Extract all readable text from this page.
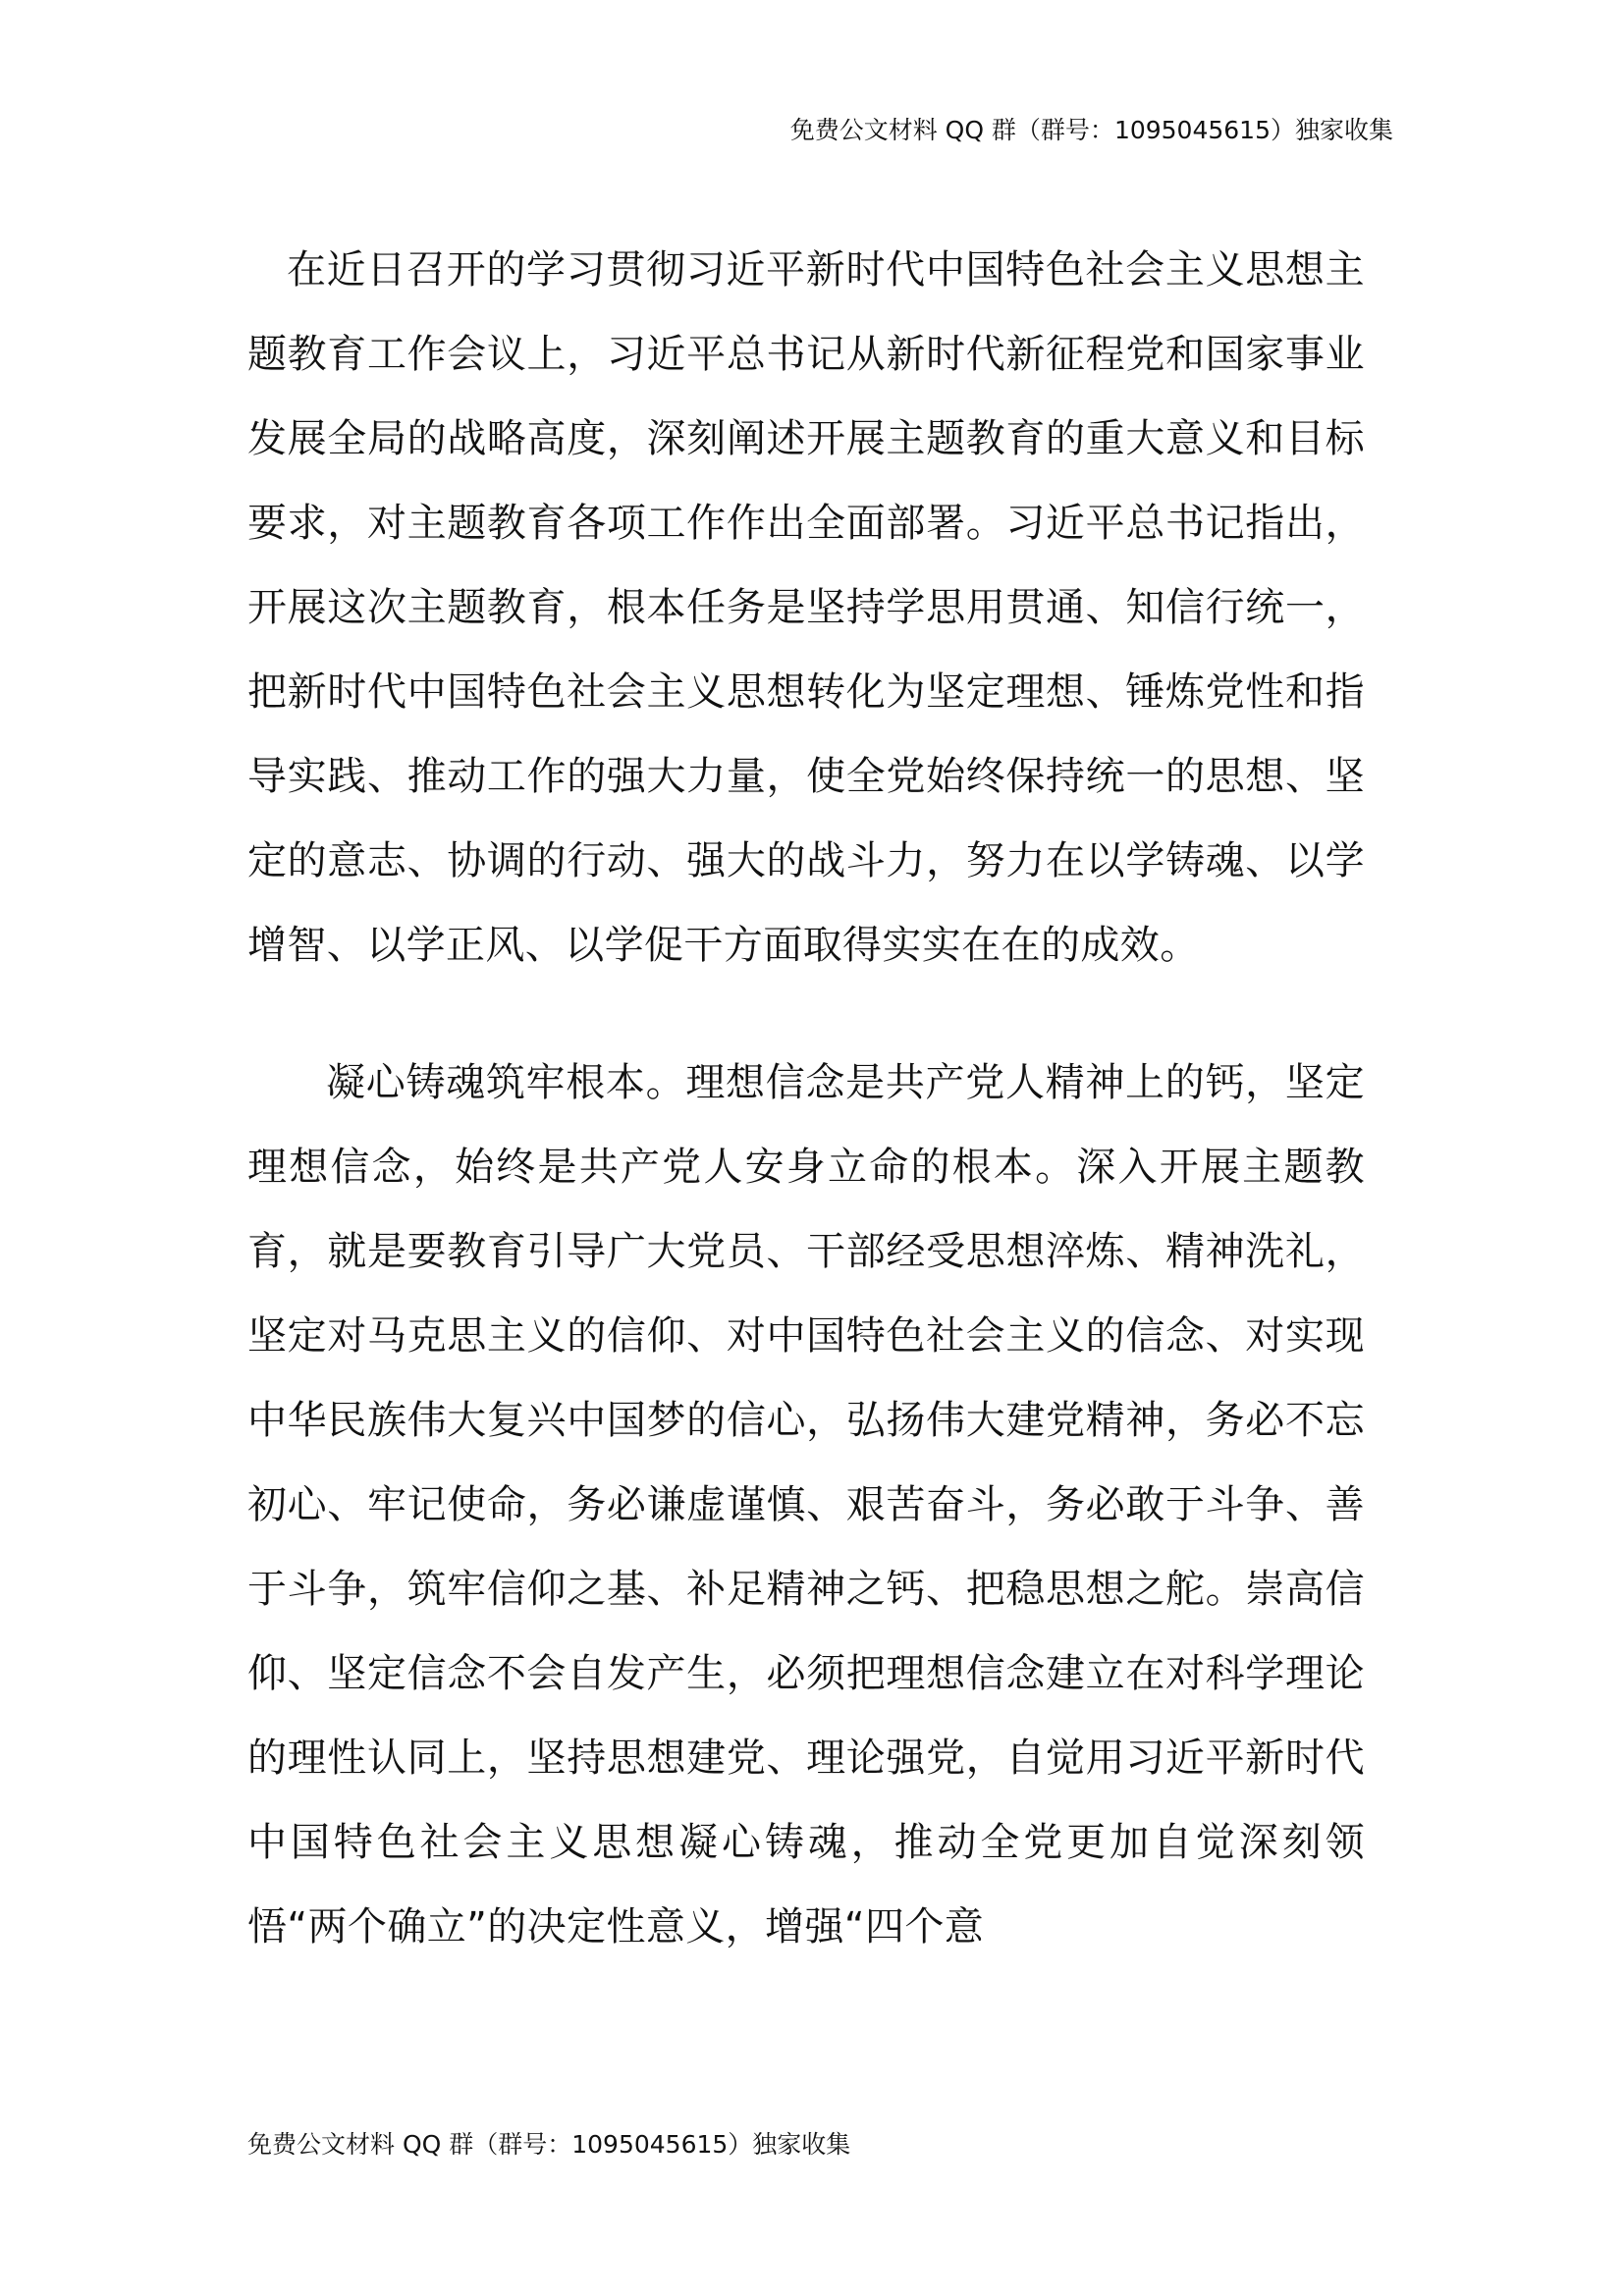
免费公文材料 QQ 群（群号：1095045615）独家收集

在近日召开的学习贯彻习近平新时代中国特色社会主义思想主题教育工作会议上，习近平总书记从新时代新征程党和国家事业发展全局的战略高度，深刻阐述开展主题教育的重大意义和目标要求，对主题教育各项工作作出全面部署。习近平总书记指出，开展这次主题教育，根本任务是坚持学思用贯通、知信行统一，把新时代中国特色社会主义思想转化为坚定理想、锤炼党性和指导实践、推动工作的强大力量，使全党始终保持统一的思想、坚定的意志、协调的行动、强大的战斗力，努力在以学铸魂、以学增智、以学正风、以学促干方面取得实实在在的成效。

凝心铸魂筑牢根本。理想信念是共产党人精神上的钙，坚定理想信念，始终是共产党人安身立命的根本。深入开展主题教育，就是要教育引导广大党员、干部经受思想淬炼、精神洗礼，坚定对马克思主义的信仰、对中国特色社会主义的信念、对实现中华民族伟大复兴中国梦的信心，弘扬伟大建党精神，务必不忘初心、牢记使命，务必谦虚谨慎、艰苦奋斗，务必敢于斗争、善于斗争，筑牢信仰之基、补足精神之钙、把稳思想之舵。崇高信仰、坚定信念不会自发产生，必须把理想信念建立在对科学理论的理性认同上，坚持思想建党、理论强党，自觉用习近平新时代中国特色社会主义思想凝心铸魂，推动全党更加自觉深刻领悟“两个确立”的决定性意义，增强“四个意

免费公文材料 QQ 群（群号：1095045615）独家收集
